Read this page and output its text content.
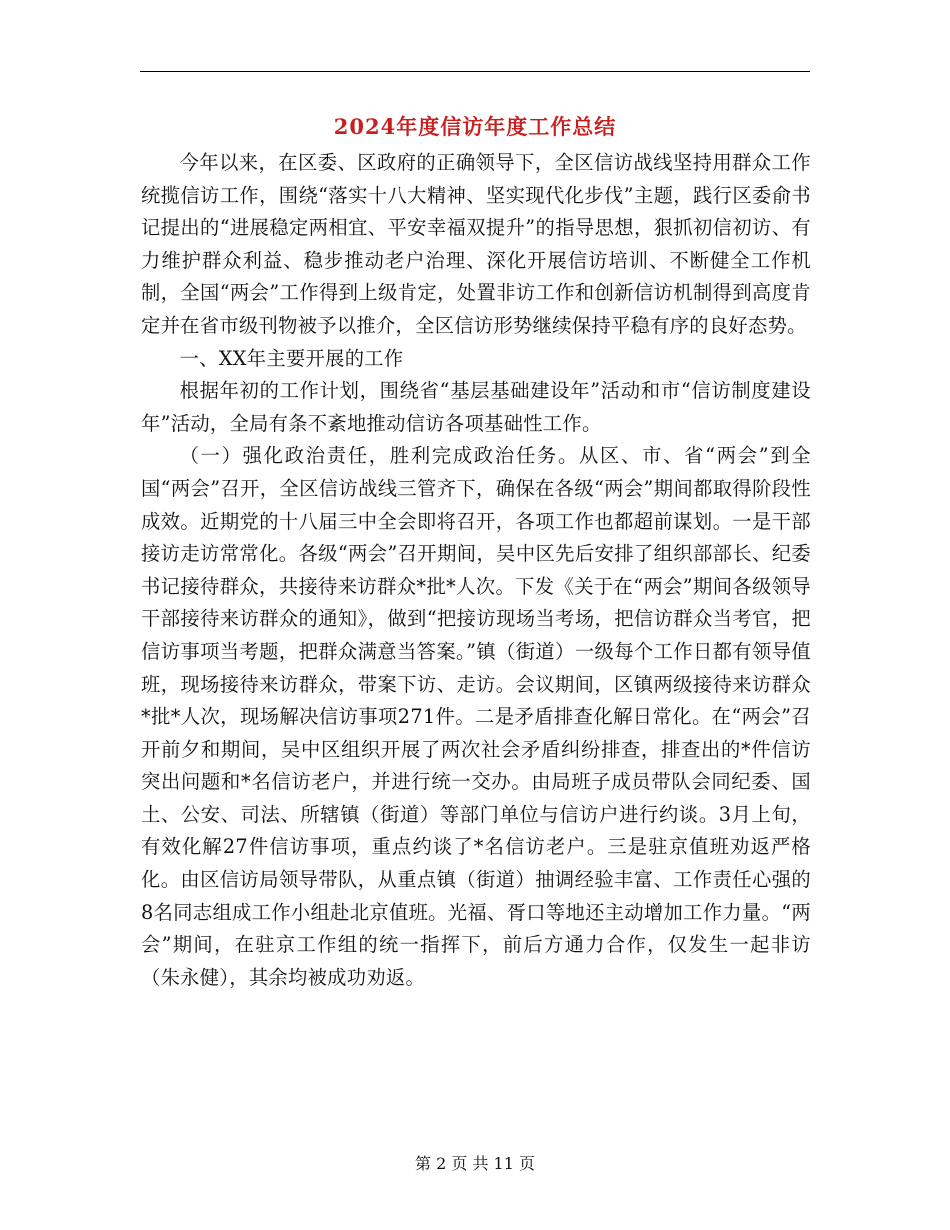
2024年度信访年度工作总结

今年以来，在区委、区政府的正确领导下，全区信访战线坚持用群众工作统揽信访工作，围绕“落实十八大精神、坚实现代化步伐”主题，践行区委俞书记提出的“进展稳定两相宜、平安幸福双提升”的指导思想，狠抓初信初访、有力维护群众利益、稳步推动老户治理、深化开展信访培训、不断健全工作机制，全国“两会”工作得到上级肯定，处置非访工作和创新信访机制得到高度肯定并在省市级刊物被予以推介，全区信访形势继续保持平稳有序的良好态势。

一、XX年主要开展的工作

根据年初的工作计划，围绕省“基层基础建设年”活动和市“信访制度建设年”活动，全局有条不紊地推动信访各项基础性工作。

（一）强化政治责任，胜利完成政治任务。从区、市、省“两会”到全国“两会”召开，全区信访战线三管齐下，确保在各级“两会”期间都取得阶段性成效。近期党的十八届三中全会即将召开，各项工作也都超前谋划。一是干部接访走访常常化。各级“两会”召开期间，吴中区先后安排了组织部部长、纪委书记接待群众，共接待来访群众*批*人次。下发《关于在“两会”期间各级领导干部接待来访群众的通知》，做到“把接访现场当考场，把信访群众当考官，把信访事项当考题，把群众满意当答案。”镇（街道）一级每个工作日都有领导值班，现场接待来访群众，带案下访、走访。会议期间，区镇两级接待来访群众*批*人次，现场解决信访事项271件。二是矛盾排查化解日常化。在“两会”召开前夕和期间，吴中区组织开展了两次社会矛盾纠纷排查，排查出的*件信访突出问题和*名信访老户，并进行统一交办。由局班子成员带队会同纪委、国土、公安、司法、所辖镇（街道）等部门单位与信访户进行约谈。3月上旬，有效化解27件信访事项，重点约谈了*名信访老户。三是驻京值班劝返严格化。由区信访局领导带队，从重点镇（街道）抽调经验丰富、工作责任心强的8名同志组成工作小组赴北京值班。光福、胥口等地还主动增加工作力量。“两会”期间，在驻京工作组的统一指挥下，前后方通力合作，仅发生一起非访（朱永健），其余均被成功劝返。

第 2 页 共 11 页
